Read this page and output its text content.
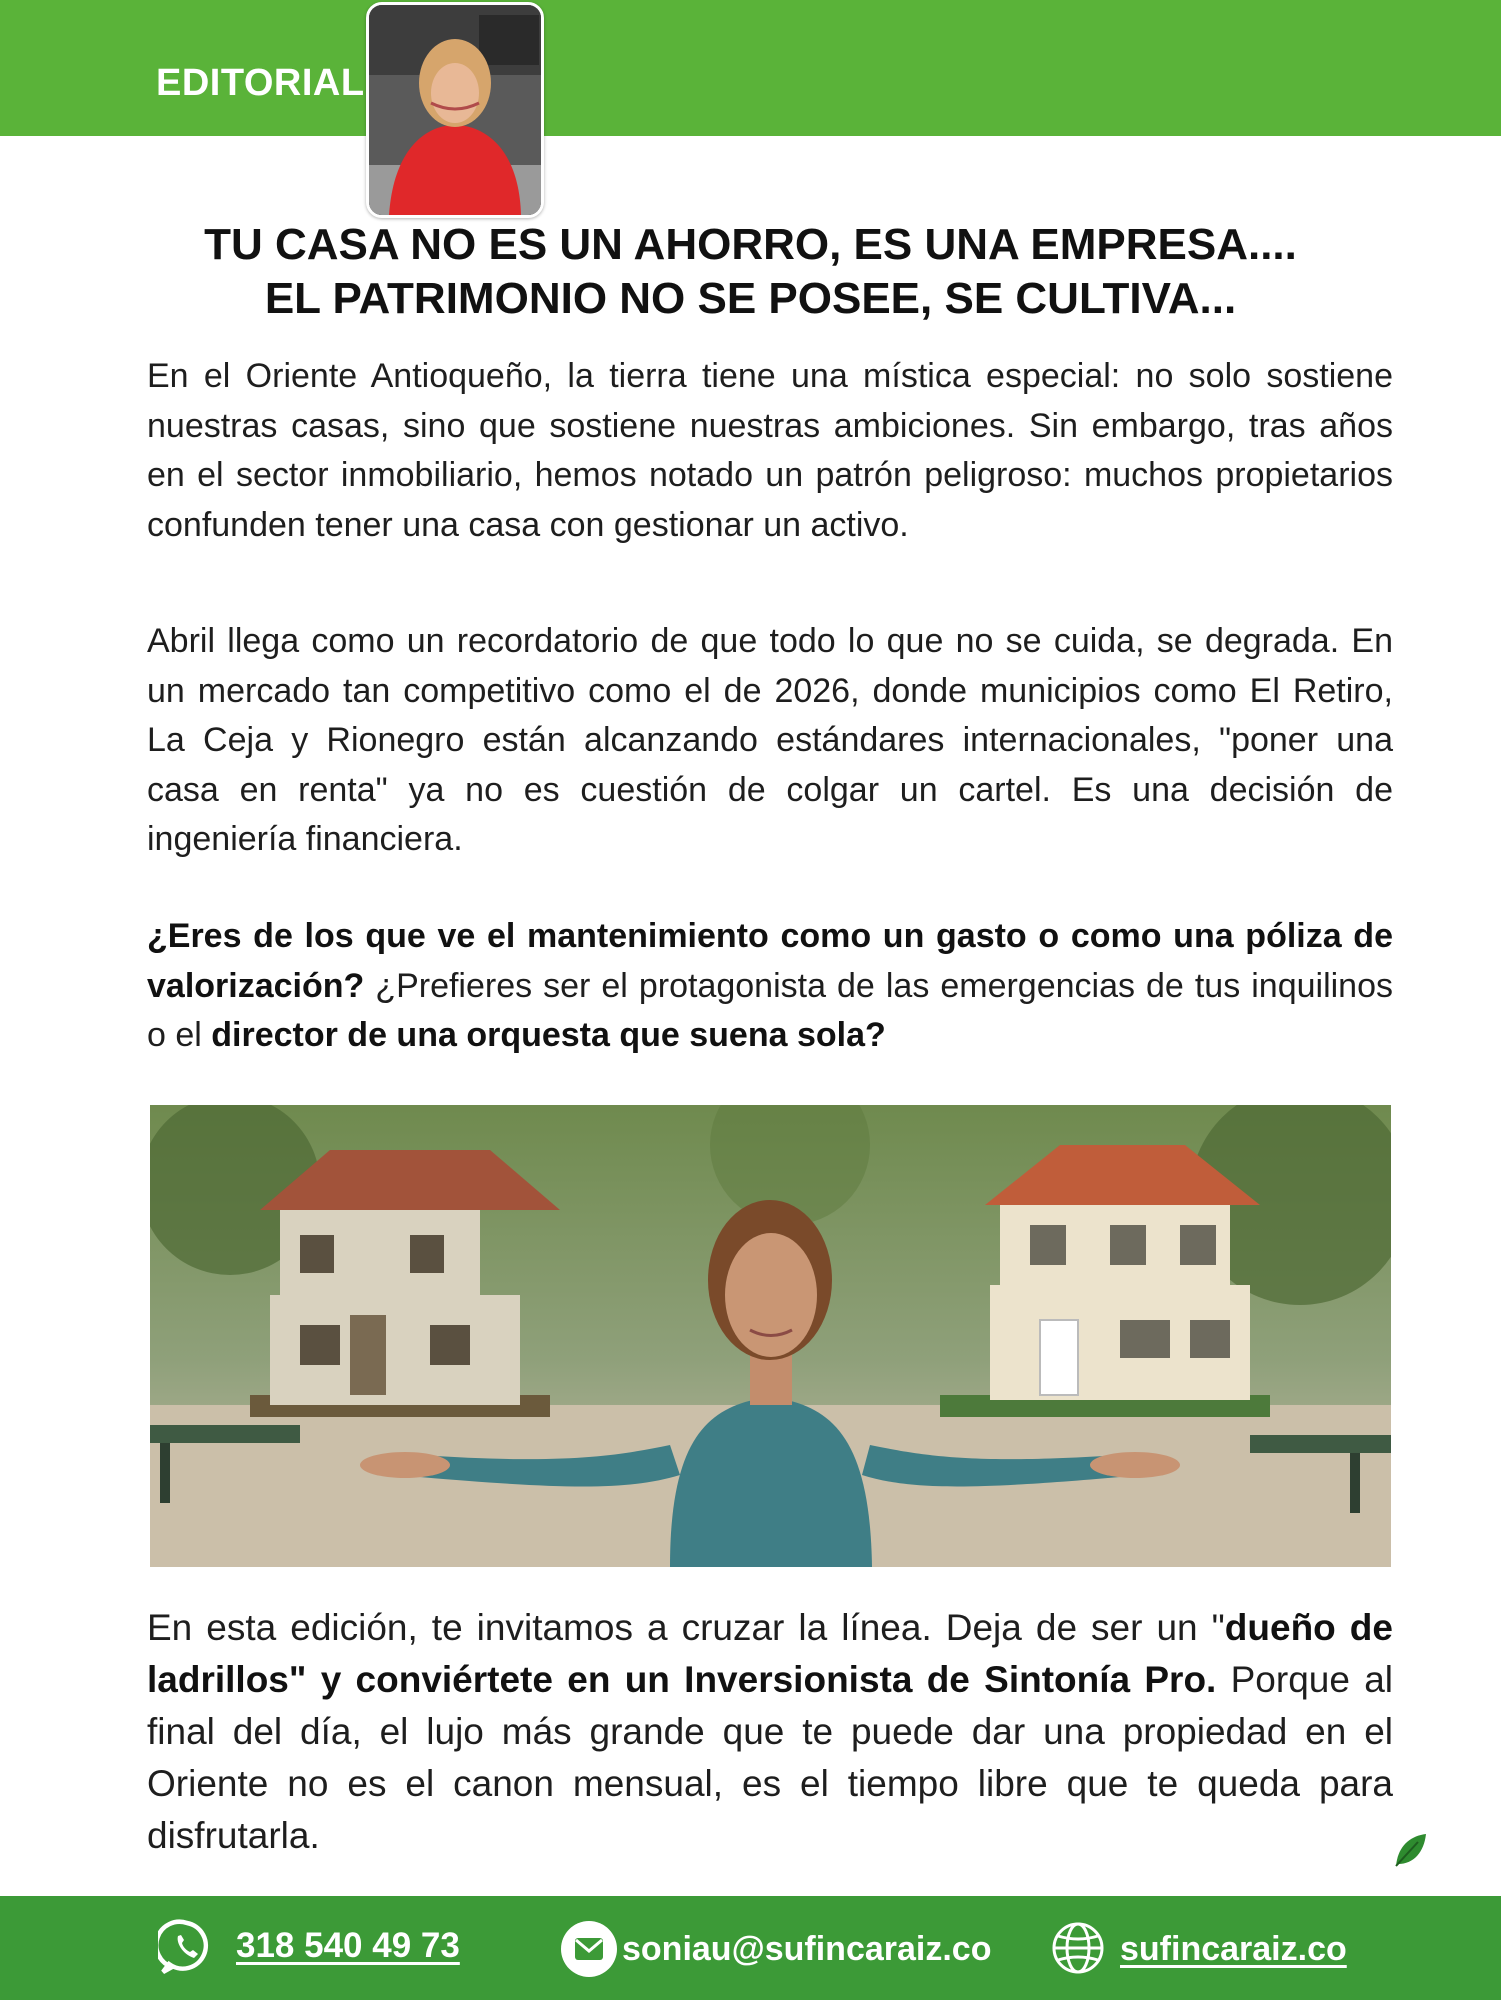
EDITORIAL
TU CASA NO ES UN AHORRO, ES UNA EMPRESA....
EL PATRIMONIO NO SE POSEE, SE CULTIVA...
En el Oriente Antioqueño, la tierra tiene una mística especial: no solo sostiene nuestras casas, sino que sostiene nuestras ambiciones. Sin embargo, tras años en el sector inmobiliario, hemos notado un patrón peligroso: muchos propietarios confunden tener una casa con gestionar un activo.
Abril llega como un recordatorio de que todo lo que no se cuida, se degrada. En un mercado tan competitivo como el de 2026, donde municipios como El Retiro, La Ceja y Rionegro están alcanzando estándares internacionales, "poner una casa en renta" ya no es cuestión de colgar un cartel. Es una decisión de ingeniería financiera.
¿Eres de los que ve el mantenimiento como un gasto o como una póliza de valorización? ¿Prefieres ser el protagonista de las emergencias de tus inquilinos o el director de una orquesta que suena sola?
En esta edición, te invitamos a cruzar la línea. Deja de ser un "dueño de ladrillos" y conviértete en un Inversionista de Sintonía Pro. Porque al final del día, el lujo más grande que te puede dar una propiedad en el Oriente no es el canon mensual, es el tiempo libre que te queda para disfrutarla.
318 540 49 73	soniau@sufincaraiz.co	sufincaraiz.co
